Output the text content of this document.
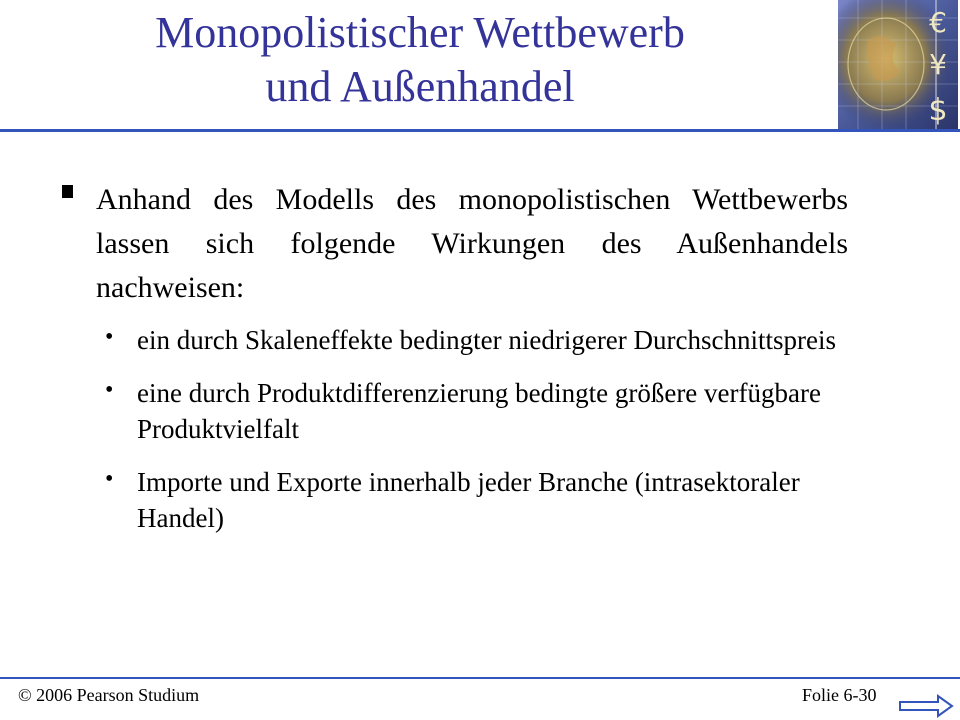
Monopolistischer Wettbewerb
und Außenhandel
€
¥
$
Anhand des Modells des monopolistischen Wettbewerbs lassen sich folgende Wirkungen des Außenhandels nachweisen:
• ein durch Skaleneffekte bedingter niedrigerer Durchschnittspreis
• eine durch Produktdifferenzierung bedingte größere verfügbare Produktvielfalt
• Importe und Exporte innerhalb jeder Branche (intrasektoraler Handel)
© 2006 Pearson Studium	Folie 6-30
